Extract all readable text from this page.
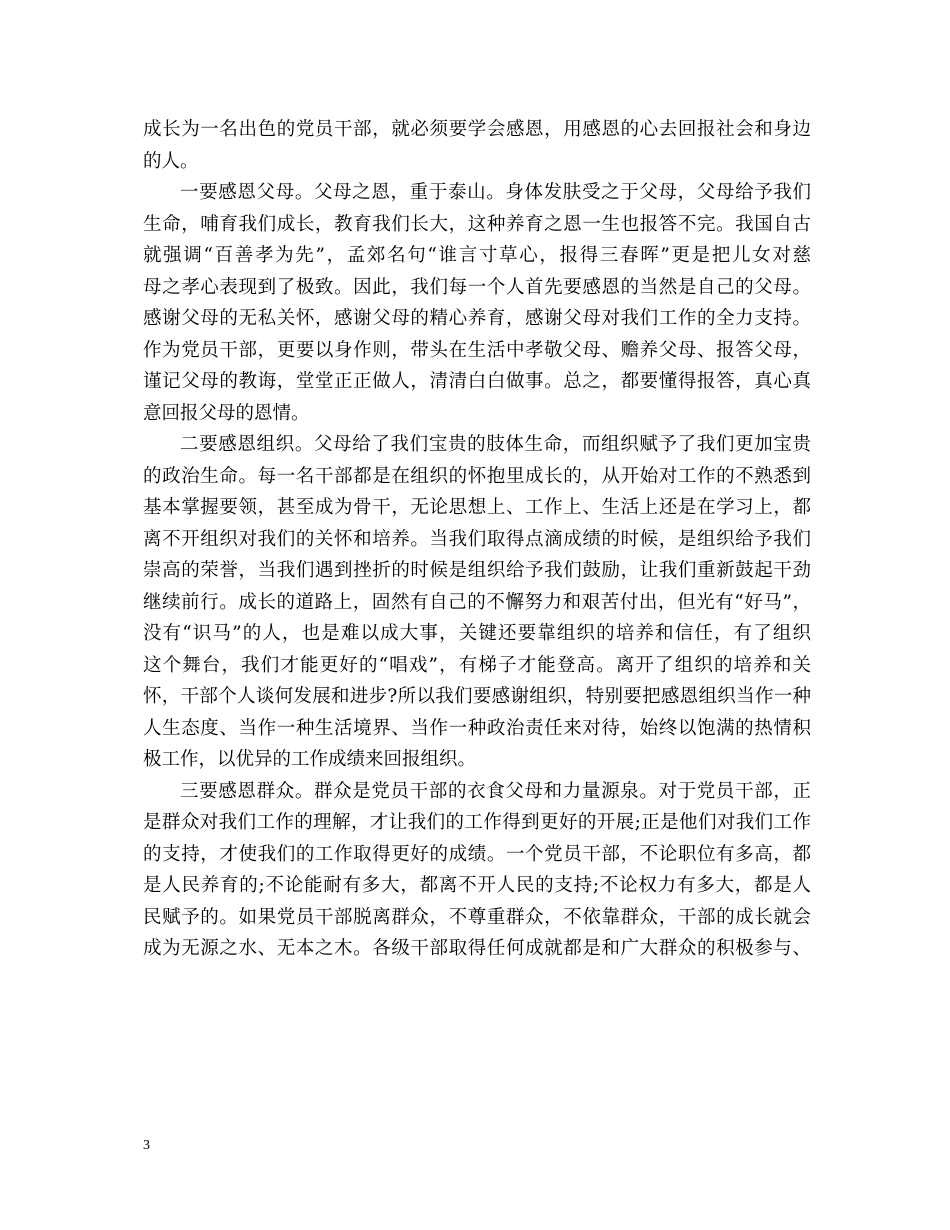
成长为一名出色的党员干部，就必须要学会感恩，用感恩的心去回报社会和身边
的人。
一要感恩父母。父母之恩，重于泰山。身体发肤受之于父母，父母给予我们
生命，哺育我们成长，教育我们长大，这种养育之恩一生也报答不完。我国自古
就强调“百善孝为先”，孟郊名句“谁言寸草心，报得三春晖”更是把儿女对慈
母之孝心表现到了极致。因此，我们每一个人首先要感恩的当然是自己的父母。
感谢父母的无私关怀，感谢父母的精心养育，感谢父母对我们工作的全力支持。
作为党员干部，更要以身作则，带头在生活中孝敬父母、赡养父母、报答父母，
谨记父母的教诲，堂堂正正做人，清清白白做事。总之，都要懂得报答，真心真
意回报父母的恩情。
二要感恩组织。父母给了我们宝贵的肢体生命，而组织赋予了我们更加宝贵
的政治生命。每一名干部都是在组织的怀抱里成长的，从开始对工作的不熟悉到
基本掌握要领，甚至成为骨干，无论思想上、工作上、生活上还是在学习上，都
离不开组织对我们的关怀和培养。当我们取得点滴成绩的时候，是组织给予我们
崇高的荣誉，当我们遇到挫折的时候是组织给予我们鼓励，让我们重新鼓起干劲
继续前行。成长的道路上，固然有自己的不懈努力和艰苦付出，但光有“好马”，
没有“识马”的人，也是难以成大事，关键还要靠组织的培养和信任，有了组织
这个舞台，我们才能更好的“唱戏”，有梯子才能登高。离开了组织的培养和关
怀，干部个人谈何发展和进步?所以我们要感谢组织，特别要把感恩组织当作一种
人生态度、当作一种生活境界、当作一种政治责任来对待，始终以饱满的热情积
极工作，以优异的工作成绩来回报组织。
三要感恩群众。群众是党员干部的衣食父母和力量源泉。对于党员干部，正
是群众对我们工作的理解，才让我们的工作得到更好的开展;正是他们对我们工作
的支持，才使我们的工作取得更好的成绩。一个党员干部，不论职位有多高，都
是人民养育的;不论能耐有多大，都离不开人民的支持;不论权力有多大，都是人
民赋予的。如果党员干部脱离群众，不尊重群众，不依靠群众，干部的成长就会
成为无源之水、无本之木。各级干部取得任何成就都是和广大群众的积极参与、
3
